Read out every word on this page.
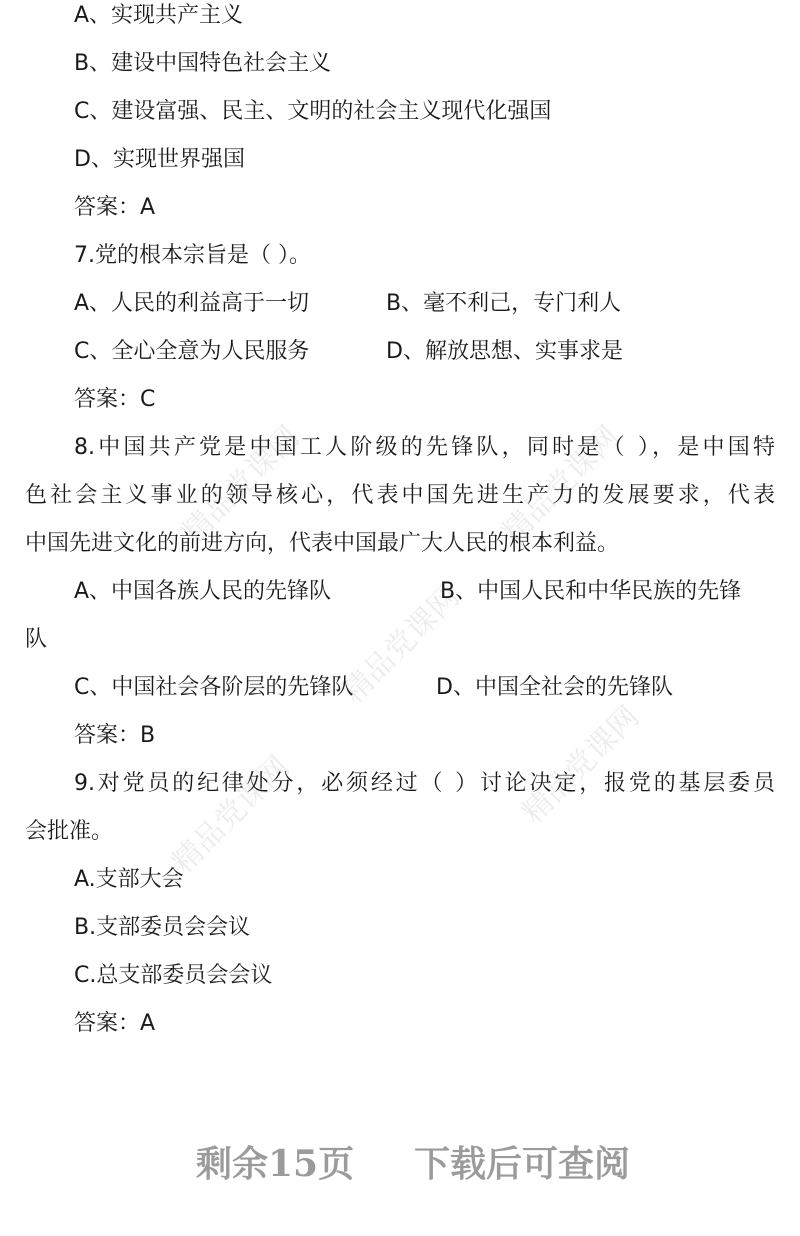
精品党课网	精品党课网
精品党课网
精品党课网	精品党课网
A、实现共产主义
B、建设中国特色社会主义
C、建设富强、民主、文明的社会主义现代化强国
D、实现世界强国
答案：A
7.党的根本宗旨是（ ）。
A、人民的利益高于一切	B、毫不利己，专门利人
C、全心全意为人民服务	D、解放思想、实事求是
答案：C
8.中国共产党是中国工人阶级的先锋队，同时是（ ），是中国特
色社会主义事业的领导核心，代表中国先进生产力的发展要求，代表
中国先进文化的前进方向，代表中国最广大人民的根本利益。
A、中国各族人民的先锋队	B、中国人民和中华民族的先锋
队
C、中国社会各阶层的先锋队	D、中国全社会的先锋队
答案：B
9.对党员的纪律处分，必须经过（ ）讨论决定，报党的基层委员
会批准。
A.支部大会
B.支部委员会会议
C.总支部委员会会议
答案：A
剩余15页 下载后可查阅
